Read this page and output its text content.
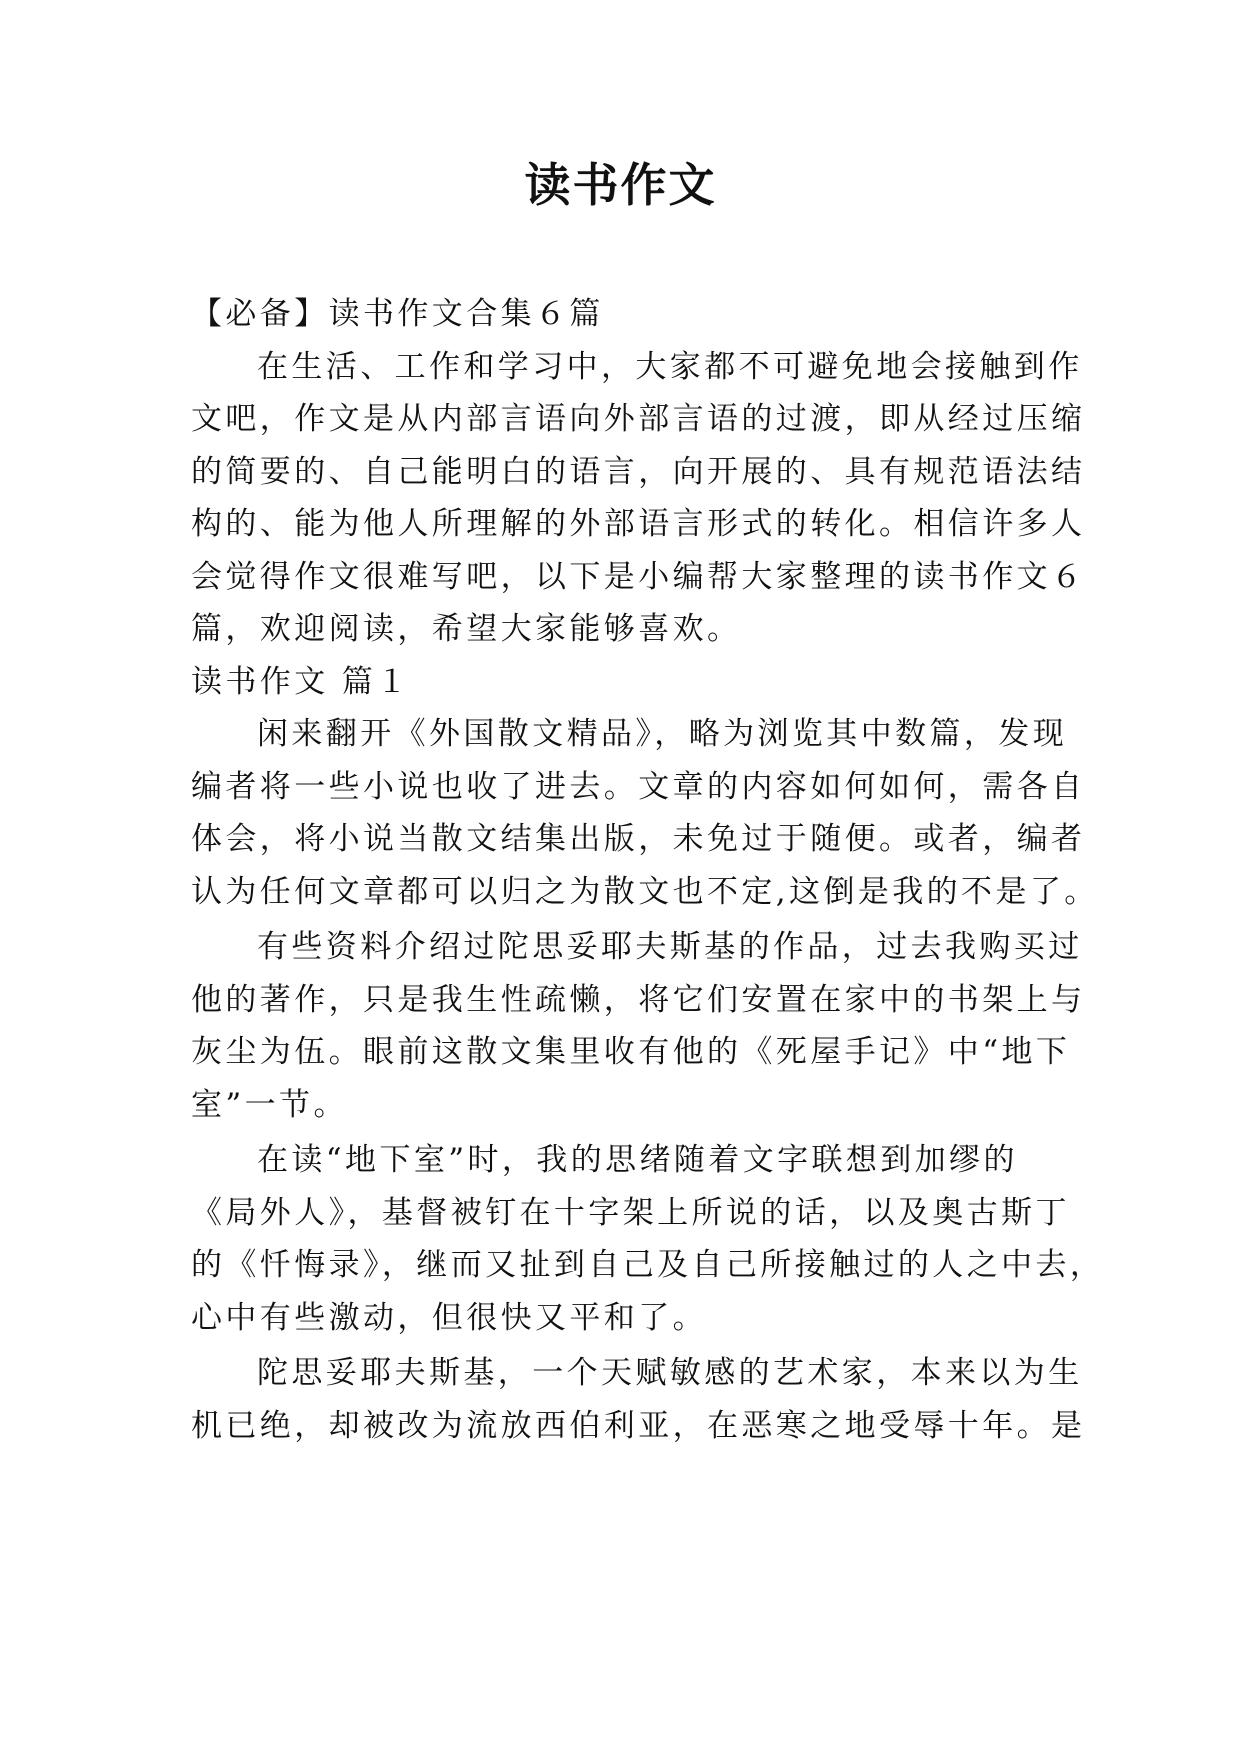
读书作文
【必备】读书作文合集６篇
在生活、工作和学习中，大家都不可避免地会接触到作
文吧，作文是从内部言语向外部言语的过渡，即从经过压缩
的简要的、自己能明白的语言，向开展的、具有规范语法结
构的、能为他人所理解的外部语言形式的转化。相信许多人
会觉得作文很难写吧，以下是小编帮大家整理的读书作文６
篇，欢迎阅读，希望大家能够喜欢。
读书作文 篇１
闲来翻开《外国散文精品》，略为浏览其中数篇，发现
编者将一些小说也收了进去。文章的内容如何如何，需各自
体会，将小说当散文结集出版，未免过于随便。或者，编者
认为任何文章都可以归之为散文也不定,这倒是我的不是了。
有些资料介绍过陀思妥耶夫斯基的作品，过去我购买过
他的著作，只是我生性疏懒，将它们安置在家中的书架上与
灰尘为伍。眼前这散文集里收有他的《死屋手记》中“地下
室”一节。
在读“地下室”时，我的思绪随着文字联想到加缪的
《局外人》，基督被钉在十字架上所说的话，以及奥古斯丁
的《忏悔录》，继而又扯到自己及自己所接触过的人之中去，
心中有些激动，但很快又平和了。
陀思妥耶夫斯基，一个天赋敏感的艺术家，本来以为生
机已绝，却被改为流放西伯利亚，在恶寒之地受辱十年。是
